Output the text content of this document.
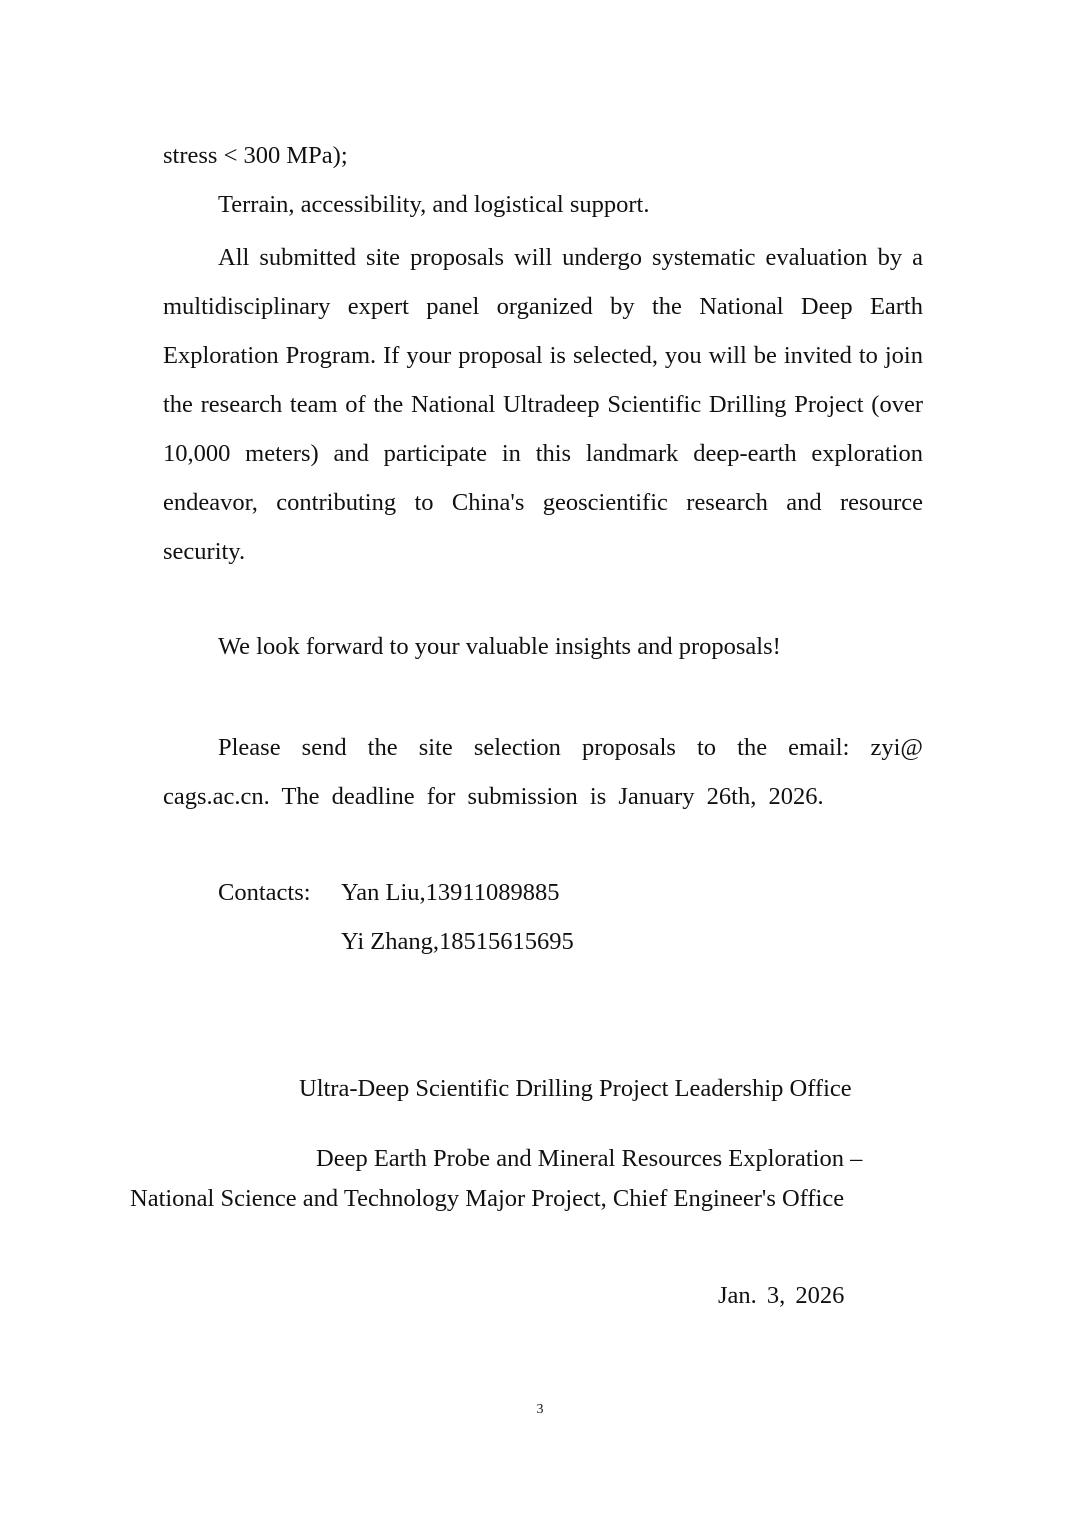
stress < 300 MPa);
Terrain, accessibility, and logistical support.

All submitted site proposals will undergo systematic evaluation by a multidisciplinary expert panel organized by the National Deep Earth Exploration Program. If your proposal is selected, you will be invited to join the research team of the National Ultradeep Scientific Drilling Project (over 10,000 meters) and participate in this landmark deep-earth exploration endeavor, contributing to China's geoscientific research and resource security.

We look forward to your valuable insights and proposals!
Please send the site selection proposals to the email: zyi@
cags.ac.cn. The deadline for submission is January 26th, 2026.
Contacts: Yan Liu,13911089885
Yi Zhang,18515615695
Ultra-Deep Scientific Drilling Project Leadership Office
Deep Earth Probe and Mineral Resources Exploration –
National Science and Technology Major Project, Chief Engineer's Office
Jan. 3, 2026
3
